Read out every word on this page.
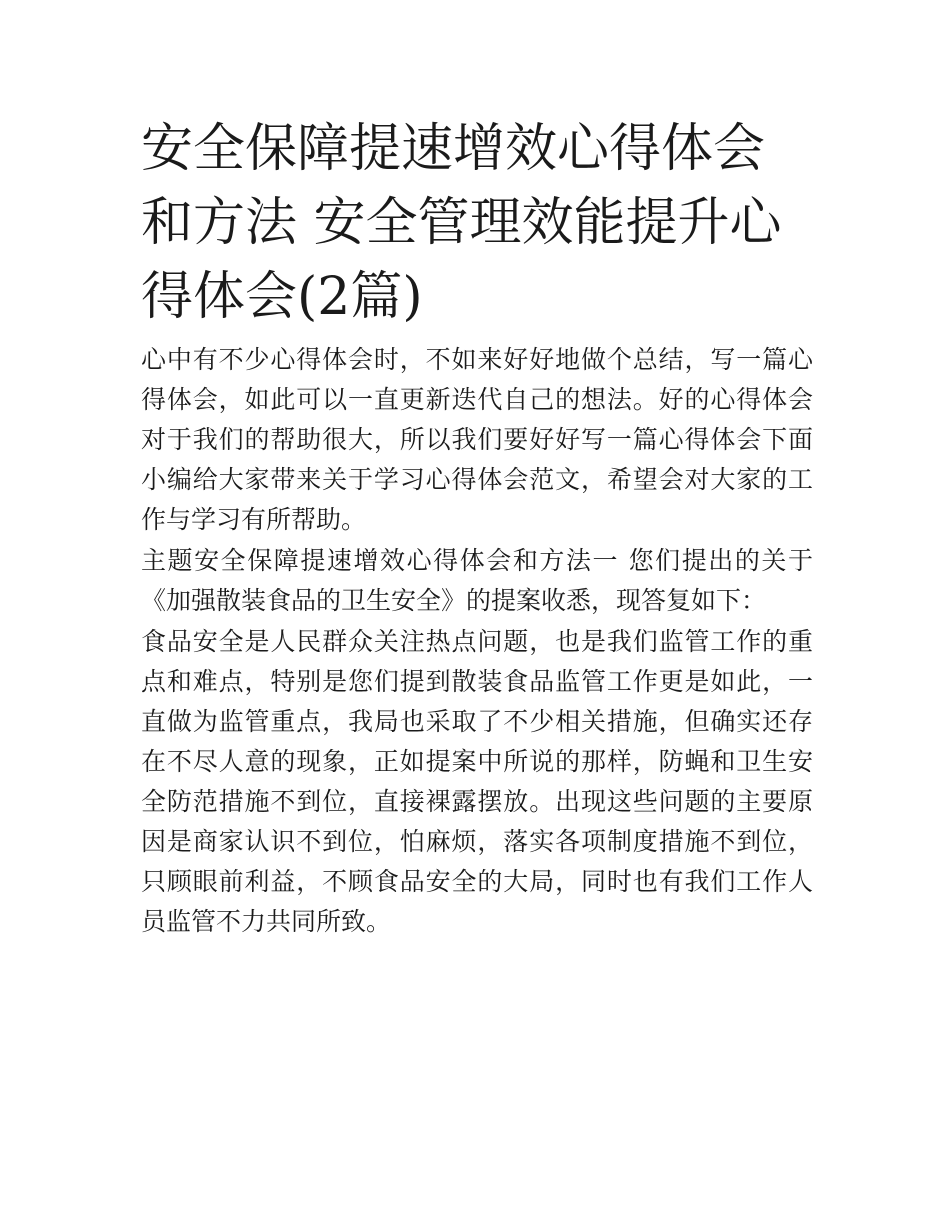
安全保障提速增效心得体会和方法 安全管理效能提升心得体会(2篇)

心中有不少心得体会时，不如来好好地做个总结，写一篇心得体会，如此可以一直更新迭代自己的想法。好的心得体会对于我们的帮助很大，所以我们要好好写一篇心得体会下面小编给大家带来关于学习心得体会范文，希望会对大家的工作与学习有所帮助。

主题安全保障提速增效心得体会和方法一 您们提出的关于《加强散装食品的卫生安全》的提案收悉，现答复如下：

食品安全是人民群众关注热点问题，也是我们监管工作的重点和难点，特别是您们提到散装食品监管工作更是如此，一直做为监管重点，我局也采取了不少相关措施，但确实还存在不尽人意的现象，正如提案中所说的那样，防蝇和卫生安全防范措施不到位，直接裸露摆放。出现这些问题的主要原因是商家认识不到位，怕麻烦，落实各项制度措施不到位，只顾眼前利益，不顾食品安全的大局，同时也有我们工作人员监管不力共同所致。
